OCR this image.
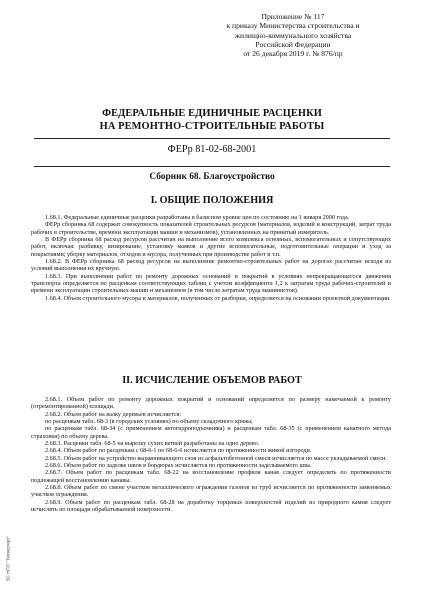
Приложение № 117
к приказу Министерства строительства и
жилищно-коммунального хозяйства
Российской Федерации
от 26 декабря 2019 г. № 876/пр
ФЕДЕРАЛЬНЫЕ ЕДИНИЧНЫЕ РАСЦЕНКИ
НА РЕМОНТНО-СТРОИТЕЛЬНЫЕ РАБОТЫ
ФЕРр 81-02-68-2001
Сборник 68. Благоустройство
I. ОБЩИЕ ПОЛОЖЕНИЯ

1.68.1. Федеральные единичные расценки разработаны в базисном уровне цен по состоянию на 1 января 2000 года.

ФЕРр сборника 68 содержат совокупность показателей строительных ресурсов (материалов, изделий и конструкций, затрат труда рабочих в строительстве, времени эксплуатации машин и механизмов), установленных на принятый измеритель.

В ФЕРр сборника 68 расход ресурсов рассчитан на выполнение всего комплекса основных, вспомогательных и сопутствующих работ, включая: разбивку, визирование, установку маяков и другие вспомогательные, подготовительные операции и уход за покрытиями; уборку материалов, отходов и мусора, полученных при производстве работ и т.п.

1.68.2. В ФЕРр сборника 68 расход ресурсов на выполнение ремонтно-строительных работ на дорогах рассчитан исходя из условий выполнения их вручную.

1.68.3. При выполнении работ по ремонту дорожных оснований и покрытий в условиях непрекращающегося движения транспорта определяется по расценкам соответствующих таблиц с учетом коэффициента 1,2 к затратам труда рабочих-строителей и времени эксплуатации строительных машин и механизмов (в том числе затратам труда машинистов).

1.68.4. Объем строительного мусора и материалов, полученных от разборки, определяется на основании проектной документации.

II. ИСЧИСЛЕНИЕ ОБЪЕМОВ РАБОТ

2.68.1. Объем работ по ремонту дорожных покрытий и оснований определяется по размеру намечаемой к ремонту (отремонтированной) площади.

2.68.2. Объем работ на валку деревьев исчисляется:

по расценкам табл. 68-3 (в городских условиях) по объему складочного кряжа;

по расценкам табл. 68-34 (с применением автогидроподъемника) и расценкам табл. 68-35 (с применением канатного метода страховки) по объему дерева.

2.68.3. Расценки табл. 68-5 на вырезку сухих ветвей разработаны на одно дерево.

2.68.4. Объем работ по расценкам с 68-6-1 по 68-6-6 исчисляется по протяженности живой изгороди.

2.68.5. Объем работ на устройство выравнивающего слоя из асфальтобетонной смеси исчисляется по массе укладываемой смеси.

2.68.6. Объем работ по заделке швов в бордюрах исчисляется по протяженности заделываемого шва.

2.68.7. Объем работ по расценкам табл. 68-22 на восстановление профиля канав следует определять по протяженности подлежащей восстановлению канавы.

2.68.8. Объем работ по смене участков металлического ограждения газонов из труб исчисляется по протяженности заменяемых участков ограждения.

2.68.9. Объем работ по расценкам табл. 68-28 на доработку торцевых поверхностей изделий из природного камня следует исчислять по площади обрабатываемой поверхности.

ЗС НПП "Техэксперт"
